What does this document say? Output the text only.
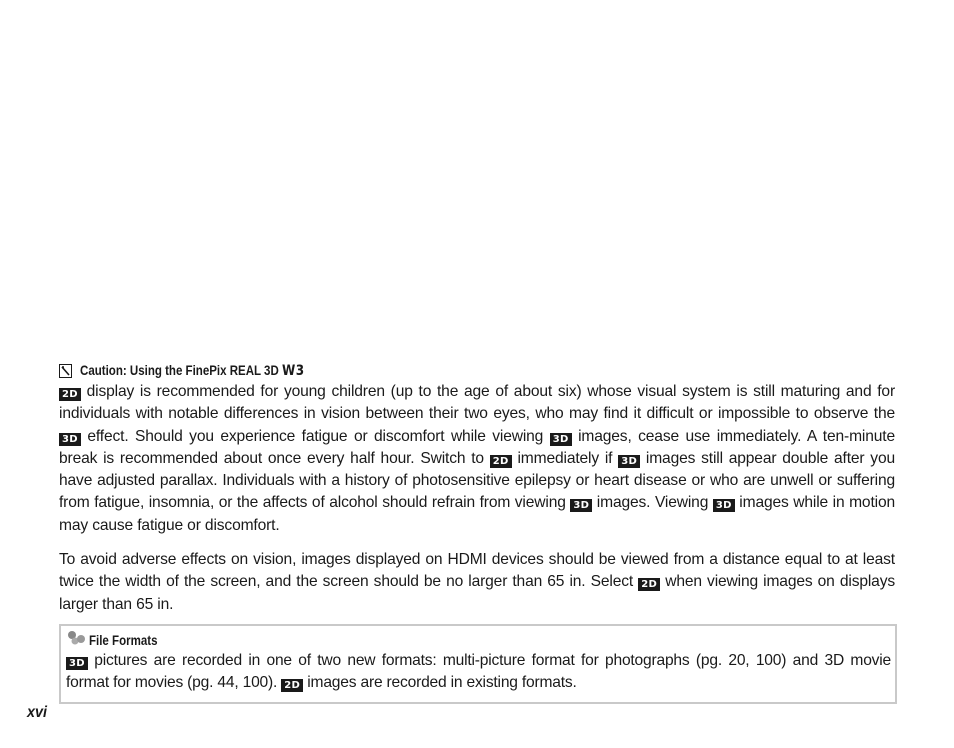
Caution: Using the FinePix REAL 3D W3

2D display is recommended for young children (up to the age of about six) whose visual system is still maturing and for individuals with notable differences in vision between their two eyes, who may find it difficult or impossible to observe the 3D effect. Should you experience fatigue or discomfort while viewing 3D images, cease use immediately. A ten-minute break is recommended about once every half hour. Switch to 2D immediately if 3D images still appear double after you have adjusted parallax. Individuals with a history of photosensitive epilepsy or heart disease or who are unwell or suffering from fatigue, insomnia, or the affects of alcohol should refrain from viewing 3D images. Viewing 3D images while in motion may cause fatigue or discomfort.

To avoid adverse effects on vision, images displayed on HDMI devices should be viewed from a distance equal to at least twice the width of the screen, and the screen should be no larger than 65 in. Select 2D when viewing images on displays larger than 65 in.

File Formats

3D pictures are recorded in one of two new formats: multi-picture format for photographs (pg. 20, 100) and 3D movie format for movies (pg. 44, 100). 2D images are recorded in existing formats.

xvi
